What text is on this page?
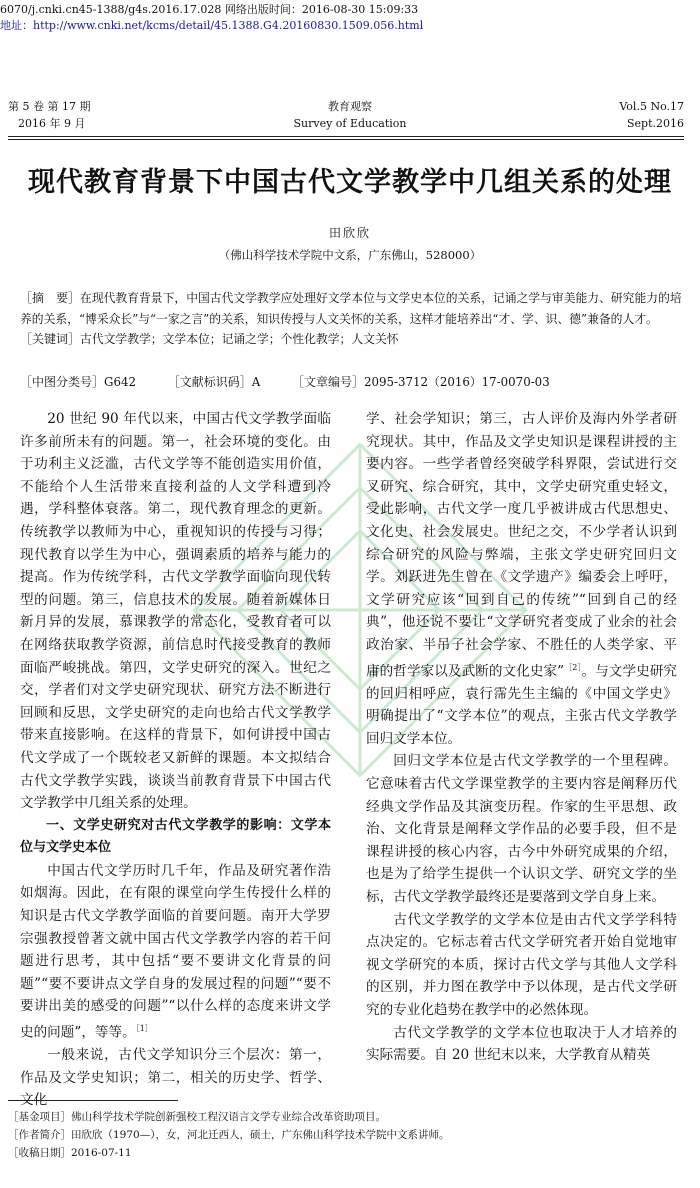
6070/j.cnki.cn45-1388/g4s.2016.17.028 网络出版时间：2016-08-30 15:09:33
地址：http://www.cnki.net/kcms/detail/45.1388.G4.20160830.1509.056.html
第 5 卷 第 17 期
2016 年 9 月
教育观察
Survey of Education
Vol.5 No.17
Sept.2016
现代教育背景下中国古代文学教学中几组关系的处理
田欣欣
（佛山科学技术学院中文系，广东佛山，528000）

［摘　要］在现代教育背景下，中国古代文学教学应处理好文学本位与文学史本位的关系，记诵之学与审美能力、研究能力的培养的关系，“博采众长”与“一家之言”的关系，知识传授与人文关怀的关系，这样才能培养出“才、学、识、德”兼备的人才。

［关键词］古代文学教学；文学本位；记诵之学；个性化教学；人文关怀

［中图分类号］G642	［文献标识码］A	［文章编号］2095-3712（2016）17-0070-03

20 世纪 90 年代以来，中国古代文学教学面临许多前所未有的问题。第一，社会环境的变化。由于功利主义泛滥，古代文学等不能创造实用价值，不能给个人生活带来直接利益的人文学科遭到冷遇，学科整体衰落。第二，现代教育理念的更新。传统教学以教师为中心，重视知识的传授与习得；现代教育以学生为中心，强调素质的培养与能力的提高。作为传统学科，古代文学教学面临向现代转型的问题。第三，信息技术的发展。随着新媒体日新月异的发展，慕课教学的常态化，受教育者可以在网络获取教学资源，前信息时代接受教育的教师面临严峻挑战。第四，文学史研究的深入。世纪之交，学者们对文学史研究现状、研究方法不断进行回顾和反思，文学史研究的走向也给古代文学教学带来直接影响。在这样的背景下，如何讲授中国古代文学成了一个既较老又新鲜的课题。本文拟结合古代文学教学实践，谈谈当前教育背景下中国古代文学教学中几组关系的处理。

一、文学史研究对古代文学教学的影响：文学本位与文学史本位

中国古代文学历时几千年，作品及研究著作浩如烟海。因此，在有限的课堂向学生传授什么样的知识是古代文学教学面临的首要问题。南开大学罗宗强教授曾著文就中国古代文学教学内容的若干问题进行思考，其中包括“要不要讲文化背景的问题”“要不要讲点文学自身的发展过程的问题”“要不要讲出美的感受的问题”“以什么样的态度来讲文学史的问题”，等等。$^{[1]}$

一般来说，古代文学知识分三个层次：第一，作品及文学史知识；第二，相关的历史学、哲学、文化

学、社会学知识；第三，古人评价及海内外学者研究现状。其中，作品及文学史知识是课程讲授的主要内容。一些学者曾经突破学科界限，尝试进行交叉研究、综合研究，其中，文学史研究重史轻文，受此影响，古代文学一度几乎被讲成古代思想史、文化史、社会发展史。世纪之交，不少学者认识到综合研究的风险与弊端，主张文学史研究回归文学。刘跃进先生曾在《文学遗产》编委会上呼吁，文学研究应该“回到自己的传统”“回到自己的经典”，他还说不要让“文学研究者变成了业余的社会政治家、半吊子社会学家、不胜任的人类学家、平庸的哲学家以及武断的文化史家”$^{[2]}$。与文学史研究的回归相呼应，袁行霈先生主编的《中国文学史》明确提出了“文学本位”的观点，主张古代文学教学回归文学本位。

回归文学本位是古代文学教学的一个里程碑。它意味着古代文学课堂教学的主要内容是阐释历代经典文学作品及其演变历程。作家的生平思想、政治、文化背景是阐释文学作品的必要手段，但不是课程讲授的核心内容，古今中外研究成果的介绍，也是为了给学生提供一个认识文学、研究文学的坐标，古代文学教学最终还是要落到文学自身上来。

古代文学教学的文学本位是由古代文学学科特点决定的。它标志着古代文学研究者开始自觉地审视文学研究的本质，探讨古代文学与其他人文学科的区别，并力图在教学中予以体现，是古代文学研究的专业化趋势在教学中的必然体现。

古代文学教学的文学本位也取决于人才培养的实际需要。自 20 世纪末以来，大学教育从精英

［基金项目］佛山科学技术学院创新强校工程汉语言文学专业综合改革资助项目。

［作者简介］田欣欣（1970—），女，河北迁西人，硕士，广东佛山科学技术学院中文系讲师。

［收稿日期］2016-07-11
